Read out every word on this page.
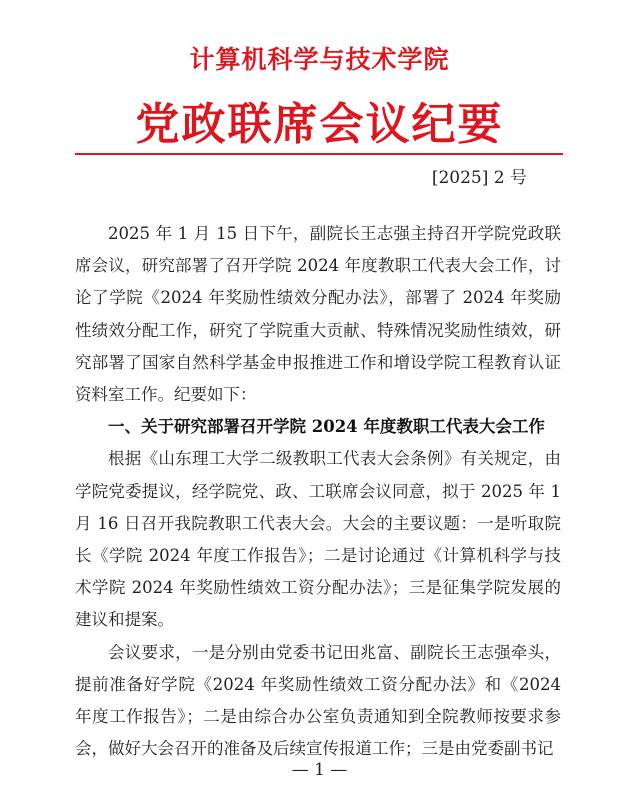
计算机科学与技术学院
党政联席会议纪要
[2025] 2 号

2025 年 1 月 15 日下午，副院长王志强主持召开学院党政联席会议，研究部署了召开学院 2024 年度教职工代表大会工作，讨论了学院《2024 年奖励性绩效分配办法》，部署了 2024 年奖励性绩效分配工作，研究了学院重大贡献、特殊情况奖励性绩效，研究部署了国家自然科学基金申报推进工作和增设学院工程教育认证资料室工作。纪要如下：

一、关于研究部署召开学院 2024 年度教职工代表大会工作

根据《山东理工大学二级教职工代表大会条例》有关规定，由学院党委提议，经学院党、政、工联席会议同意，拟于 2025 年 1 月 16 日召开我院教职工代表大会。大会的主要议题：一是听取院长《学院 2024 年度工作报告》；二是讨论通过《计算机科学与技术学院 2024 年奖励性绩效工资分配办法》；三是征集学院发展的建议和提案。

会议要求，一是分别由党委书记田兆富、副院长王志强牵头，提前准备好学院《2024 年奖励性绩效工资分配办法》和《2024 年度工作报告》；二是由综合办公室负责通知到全院教师按要求参会，做好大会召开的准备及后续宣传报道工作；三是由党委副书记

— 1 —
